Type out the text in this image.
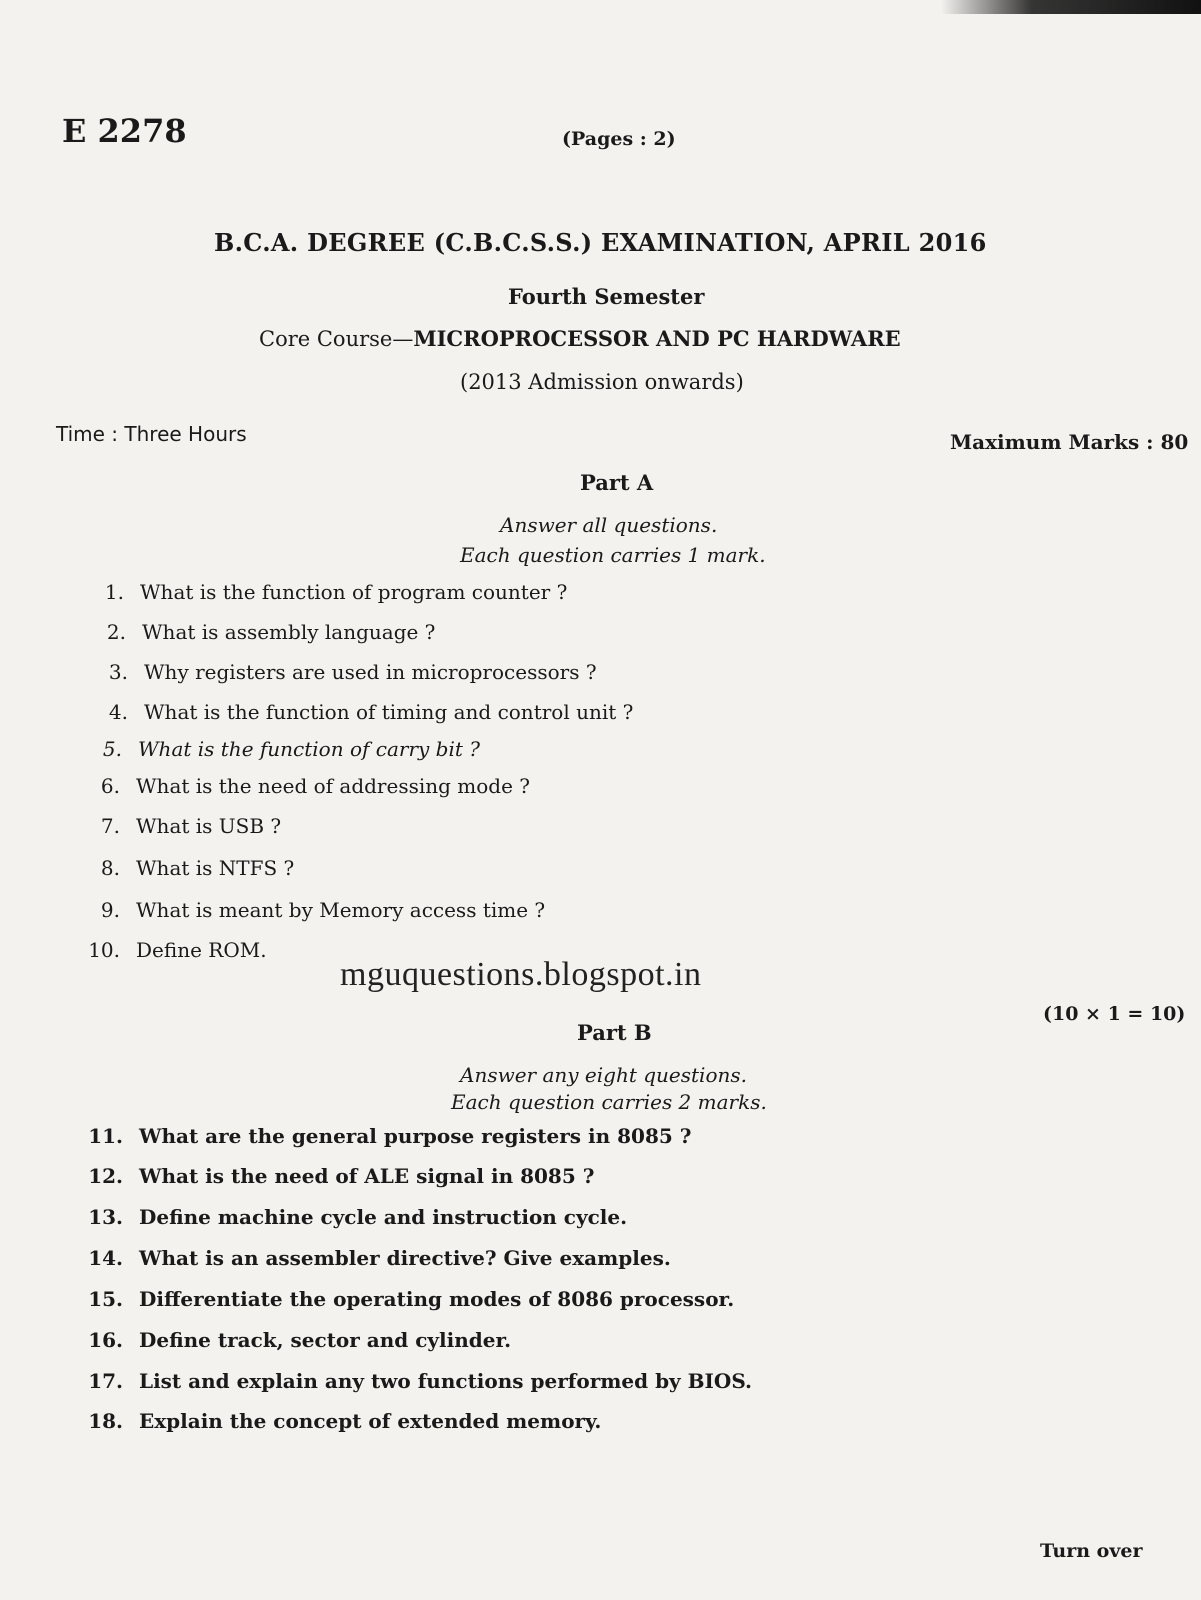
E 2278	(Pages : 2)
B.C.A. DEGREE (C.B.C.S.S.) EXAMINATION, APRIL 2016
Fourth Semester
Core Course—MICROPROCESSOR AND PC HARDWARE
(2013 Admission onwards)
Time : Three Hours	Maximum Marks : 80
Part A
Answer all questions.
Each question carries 1 mark.
1. What is the function of program counter ?
2. What is assembly language ?
3. Why registers are used in microprocessors ?
4. What is the function of timing and control unit ?
5. What is the function of carry bit ?
6. What is the need of addressing mode ?
7. What is USB ?
8. What is NTFS ?
9. What is meant by Memory access time ?
10. Define ROM.
mguquestions.blogspot.in
(10 × 1 = 10)
Part B
Answer any eight questions.
Each question carries 2 marks.
11. What are the general purpose registers in 8085 ?
12. What is the need of ALE signal in 8085 ?
13. Define machine cycle and instruction cycle.
14. What is an assembler directive? Give examples.
15. Differentiate the operating modes of 8086 processor.
16. Define track, sector and cylinder.
17. List and explain any two functions performed by BIOS.
18. Explain the concept of extended memory.
Turn over
